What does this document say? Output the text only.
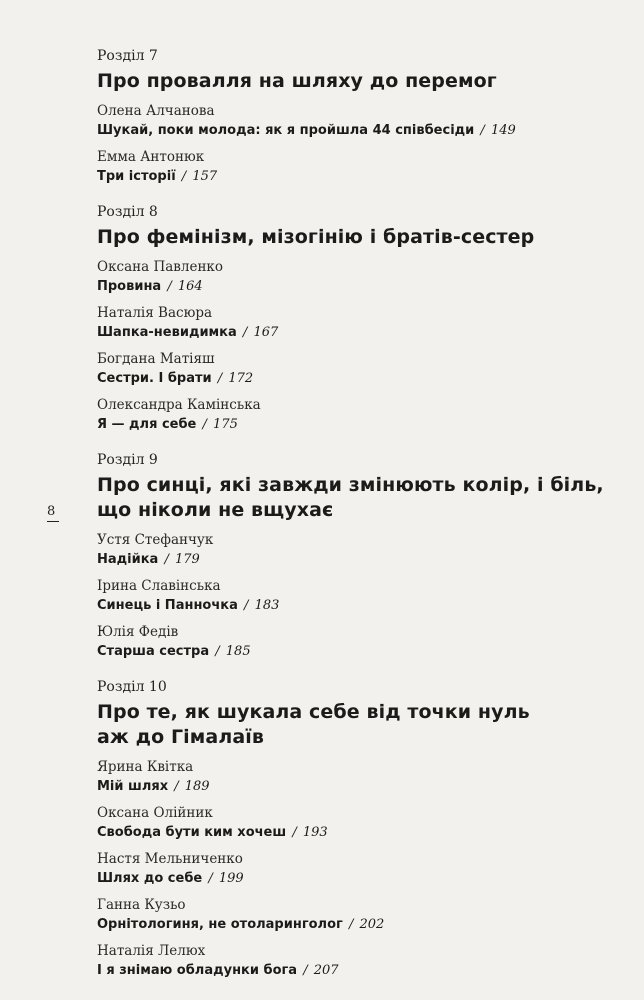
Розділ 7

Про провалля на шляху до перемог
Олена Алчанова
Шукай, поки молода: як я пройшла 44 співбесіди / 149
Емма Антонюк
Три історії / 157

Розділ 8

Про фемінізм, мізогінію і братів-сестер
Оксана Павленко
Провина / 164
Наталія Васюра
Шапка-невидимка / 167
Богдана Матіяш
Сестри. І брати / 172
Олександра Камінська
Я — для себе / 175

Розділ 9

Про синці, які завжди змінюють колір, і біль,
що ніколи не вщухає
Устя Стефанчук
Надійка / 179
Ірина Славінська
Синець і Панночка / 183
Юлія Федів
Старша сестра / 185

Розділ 10

Про те, як шукала себе від точки нуль
аж до Гімалаїв
Ярина Квітка
Мій шлях / 189
Оксана Олійник
Свобода бути ким хочеш / 193
Настя Мельниченко
Шлях до себе / 199
Ганна Кузьо
Орнітологиня, не отоларинголог / 202
Наталія Лелюх
І я знімаю обладунки бога / 207
8
